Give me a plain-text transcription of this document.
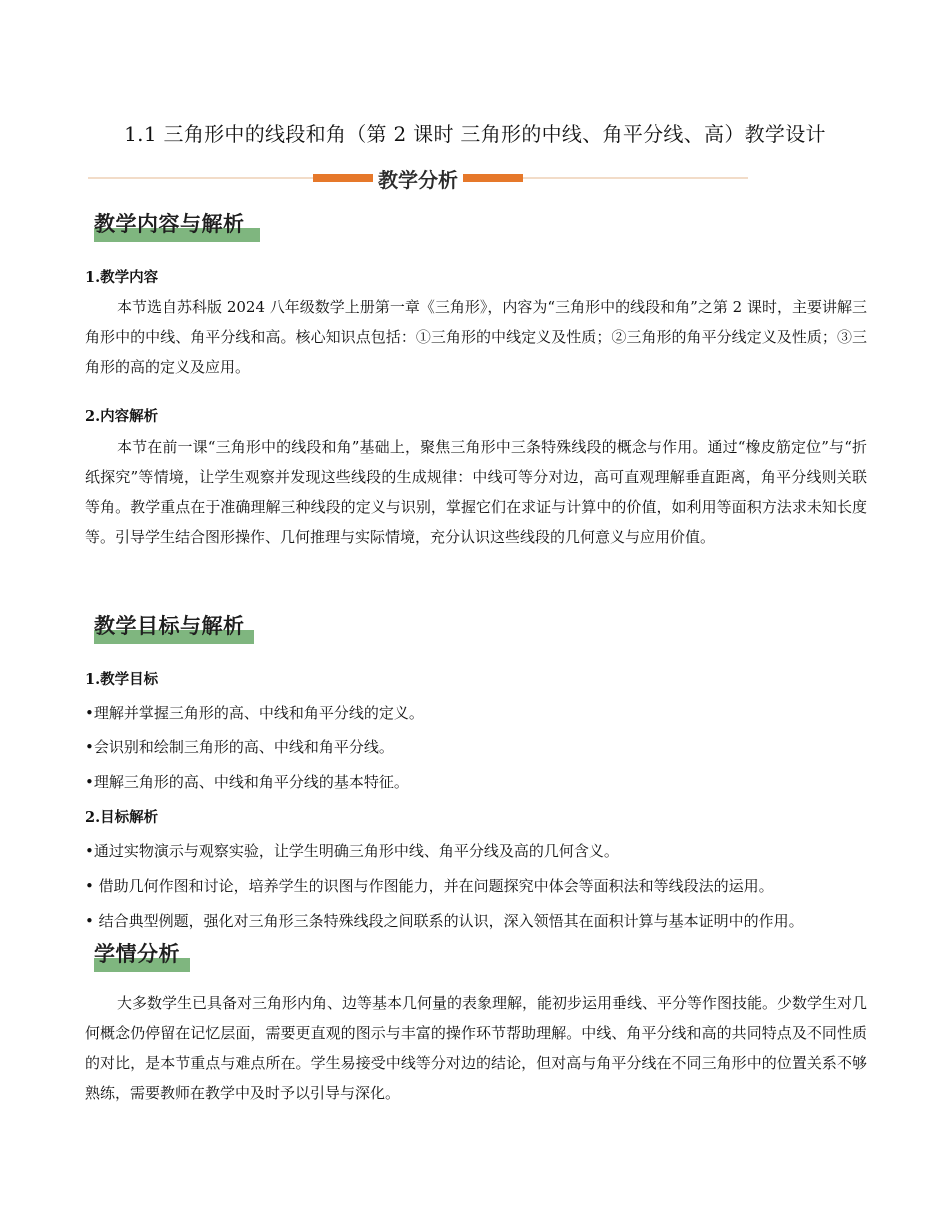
1.1 三角形中的线段和角（第 2 课时 三角形的中线、角平分线、高）教学设计
教学分析
教学内容与解析
1.教学内容

本节选自苏科版 2024 八年级数学上册第一章《三角形》，内容为“三角形中的线段和角”之第 2 课时，主要讲解三角形中的中线、角平分线和高。核心知识点包括：①三角形的中线定义及性质；②三角形的角平分线定义及性质；③三角形的高的定义及应用。

2.内容解析

本节在前一课“三角形中的线段和角”基础上，聚焦三角形中三条特殊线段的概念与作用。通过“橡皮筋定位”与“折纸探究”等情境，让学生观察并发现这些线段的生成规律：中线可等分对边，高可直观理解垂直距离，角平分线则关联等角。教学重点在于准确理解三种线段的定义与识别，掌握它们在求证与计算中的价值，如利用等面积方法求未知长度等。引导学生结合图形操作、几何推理与实际情境，充分认识这些线段的几何意义与应用价值。

教学目标与解析
1.教学目标
•理解并掌握三角形的高、中线和角平分线的定义。
•会识别和绘制三角形的高、中线和角平分线。
•理解三角形的高、中线和角平分线的基本特征。
2.目标解析
•通过实物演示与观察实验，让学生明确三角形中线、角平分线及高的几何含义。
• 借助几何作图和讨论，培养学生的识图与作图能力，并在问题探究中体会等面积法和等线段法的运用。
• 结合典型例题，强化对三角形三条特殊线段之间联系的认识，深入领悟其在面积计算与基本证明中的作用。
学情分析

大多数学生已具备对三角形内角、边等基本几何量的表象理解，能初步运用垂线、平分等作图技能。少数学生对几何概念仍停留在记忆层面，需要更直观的图示与丰富的操作环节帮助理解。中线、角平分线和高的共同特点及不同性质的对比，是本节重点与难点所在。学生易接受中线等分对边的结论，但对高与角平分线在不同三角形中的位置关系不够熟练，需要教师在教学中及时予以引导与深化。
